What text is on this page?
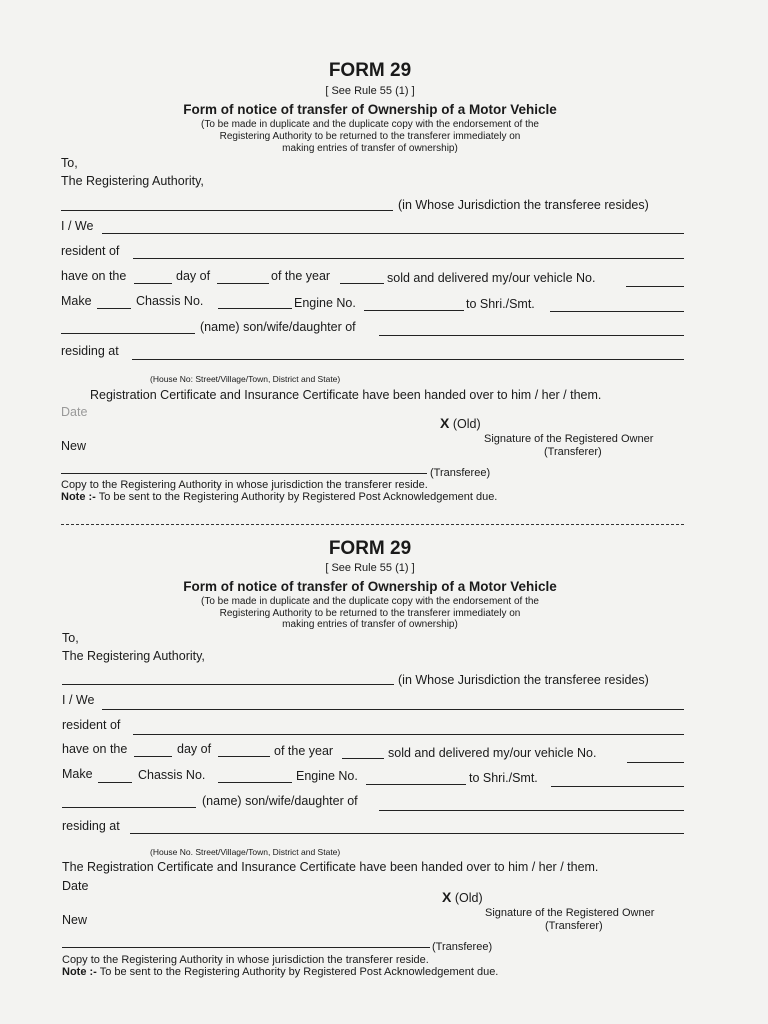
FORM 29
[ See Rule 55 (1) ]
Form of notice of transfer of Ownership of a Motor Vehicle
(To be made in duplicate and the duplicate copy with the endorsement of the
Registering Authority to be returned to the transferer immediately on
making entries of transfer of ownership)
To,
The Registering Authority,
(in Whose Jurisdiction the transferee resides)
I / We
resident of
have on the	day of	of the year	sold and delivered my/our vehicle No.
Make	Chassis No.	Engine No.	to Shri./Smt.
(name) son/wife/daughter of
residing at
(House No: Street/Village/Town, District and State)
Registration Certificate and Insurance Certificate have been handed over to him / her / them.
Date
X (Old)
New	Signature of the Registered Owner
(Transferer)
(Transferee)
Copy to the Registering Authority in whose jurisdiction the transferer reside.
Note :- To be sent to the Registering Authority by Registered Post Acknowledgement due.
FORM 29
[ See Rule 55 (1) ]
Form of notice of transfer of Ownership of a Motor Vehicle
(To be made in duplicate and the duplicate copy with the endorsement of the
Registering Authority to be returned to the transferer immediately on
making entries of transfer of ownership)
To,
The Registering Authority,
(in Whose Jurisdiction the transferee resides)
I / We
resident of
have on the	day of	of the year	sold and delivered my/our vehicle No.
Make	Chassis No.	Engine No.	to Shri./Smt.
(name) son/wife/daughter of
residing at
(House No. Street/Village/Town, District and State)
The Registration Certificate and Insurance Certificate have been handed over to him / her / them.
Date
X (Old)
New	Signature of the Registered Owner
(Transferer)
(Transferee)
Copy to the Registering Authority in whose jurisdiction the transferer reside.
Note :- To be sent to the Registering Authority by Registered Post Acknowledgement due.
